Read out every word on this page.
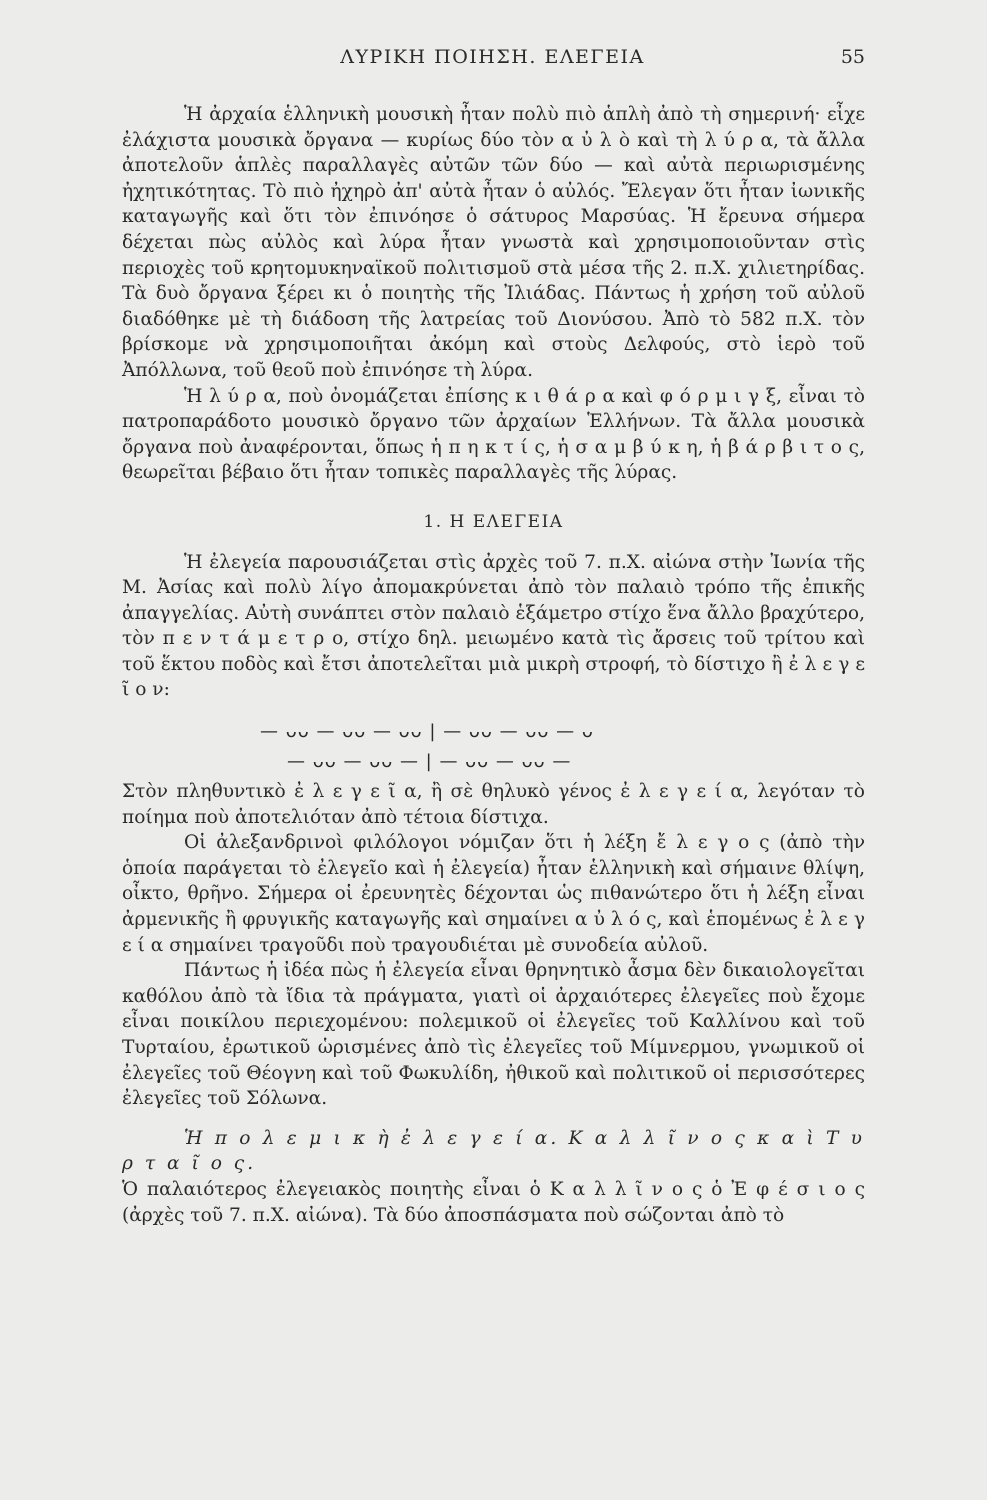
ΛΥΡΙΚΗ ΠΟΙΗΣΗ. ΕΛΕΓΕΙΑ	55

Ἡ ἀρχαία ἑλληνικὴ μουσικὴ ἦταν πολὺ πιὸ ἁπλὴ ἀπὸ τὴ σημερινή· εἶχε ἐλάχιστα μουσικὰ ὄργανα — κυρίως δύο τὸν α ὐ λ ὸ καὶ τὴ λ ύ ρ α, τὰ ἄλλα ἀποτελοῦν ἁπλὲς παραλλαγὲς αὐτῶν τῶν δύο — καὶ αὐτὰ περιωρισμένης ἠχητικότητας. Τὸ πιὸ ἠχηρὸ ἀπ' αὐτὰ ἦταν ὁ αὐλός. Ἔλεγαν ὅτι ἦταν ἰωνικῆς καταγωγῆς καὶ ὅτι τὸν ἐπινόησε ὁ σάτυρος Μαρσύας. Ἡ ἔρευνα σήμερα δέχεται πὼς αὐλὸς καὶ λύρα ἦταν γνωστὰ καὶ χρησιμοποιοῦνταν στὶς περιοχὲς τοῦ κρητομυκηναϊκοῦ πολιτισμοῦ στὰ μέσα τῆς 2. π.Χ. χιλιετηρίδας. Τὰ δυὸ ὄργανα ξέρει κι ὁ ποιητὴς τῆς Ἰλιάδας. Πάντως ἡ χρήση τοῦ αὐλοῦ διαδόθηκε μὲ τὴ διάδοση τῆς λατρείας τοῦ Διονύσου. Ἀπὸ τὸ 582 π.Χ. τὸν βρίσκομε νὰ χρησιμοποιῆται ἀκόμη καὶ στοὺς Δελφούς, στὸ ἱερὸ τοῦ Ἀπόλλωνα, τοῦ θεοῦ ποὺ ἐπινόησε τὴ λύρα.

Ἡ λ ύ ρ α, ποὺ ὀνομάζεται ἐπίσης κ ι θ ά ρ α καὶ φ ό ρ μ ι γ ξ, εἶναι τὸ πατροπαράδοτο μουσικὸ ὄργανο τῶν ἀρχαίων Ἑλλήνων. Τὰ ἄλλα μουσικὰ ὄργανα ποὺ ἀναφέρονται, ὅπως ἡ π η κ τ ί ς, ἡ σ α μ β ύ κ η, ἡ β ά ρ β ι τ ο ς, θεωρεῖται βέβαιο ὅτι ἦταν τοπικὲς παραλλαγὲς τῆς λύρας.

1. Η ΕΛΕΓΕΙΑ

Ἡ ἐλεγεία παρουσιάζεται στὶς ἀρχὲς τοῦ 7. π.Χ. αἰώνα στὴν Ἰωνία τῆς Μ. Ἀσίας καὶ πολὺ λίγο ἀπομακρύνεται ἀπὸ τὸν παλαιὸ τρόπο τῆς ἐπικῆς ἀπαγγελίας. Αὐτὴ συνάπτει στὸν παλαιὸ ἑξάμετρο στίχο ἕνα ἄλλο βραχύτερο, τὸν π ε ν τ ά μ ε τ ρ ο, στίχο δηλ. μειωμένο κατὰ τὶς ἄρσεις τοῦ τρίτου καὶ τοῦ ἕκτου ποδὸς καὶ ἔτσι ἀποτελεῖται μιὰ μικρὴ στροφή, τὸ δίστιχο ἢ ἐ λ ε γ ε ῖ ο ν:

— ᴗᴗ — ᴗᴗ — ᴗᴗ | — ᴗᴗ — ᴗᴗ — ᴗ
— ᴗᴗ — ᴗᴗ — | — ᴗᴗ — ᴗᴗ —

Στὸν πληθυντικὸ ἐ λ ε γ ε ῖ α, ἢ σὲ θηλυκὸ γένος ἐ λ ε γ ε ί α, λεγόταν τὸ ποίημα ποὺ ἀποτελιόταν ἀπὸ τέτοια δίστιχα.

Οἱ ἀλεξανδρινοὶ φιλόλογοι νόμιζαν ὅτι ἡ λέξη ἔ λ ε γ ο ς (ἀπὸ τὴν ὁποία παράγεται τὸ ἐλεγεῖο καὶ ἡ ἐλεγεία) ἦταν ἑλληνικὴ καὶ σήμαινε θλίψη, οἶκτο, θρῆνο. Σήμερα οἱ ἐρευνητὲς δέχονται ὡς πιθανώτερο ὅτι ἡ λέξη εἶναι ἀρμενικῆς ἢ φρυγικῆς καταγωγῆς καὶ σημαίνει α ὐ λ ό ς, καὶ ἑπομένως ἐ λ ε γ ε ί α σημαίνει τραγοῦδι ποὺ τραγουδιέται μὲ συνοδεία αὐλοῦ.

Πάντως ἡ ἰδέα πὼς ἡ ἐλεγεία εἶναι θρηνητικὸ ἆσμα δὲν δικαιολογεῖται καθόλου ἀπὸ τὰ ἴδια τὰ πράγματα, γιατὶ οἱ ἀρχαιότερες ἐλεγεῖες ποὺ ἔχομε εἶναι ποικίλου περιεχομένου: πολεμικοῦ οἱ ἐλεγεῖες τοῦ Καλλίνου καὶ τοῦ Τυρταίου, ἐρωτικοῦ ὡρισμένες ἀπὸ τὶς ἐλεγεῖες τοῦ Μίμνερμου, γνωμικοῦ οἱ ἐλεγεῖες τοῦ Θέογνη καὶ τοῦ Φωκυλίδη, ἠθικοῦ καὶ πολιτικοῦ οἱ περισσότερες ἐλεγεῖες τοῦ Σόλωνα.

Ἡ π ο λ ε μ ι κ ὴ ἐ λ ε γ ε ί α. Κ α λ λ ῖ ν ο ς κ α ὶ Τ υ ρ τ α ῖ ο ς.

Ὁ παλαιότερος ἐλεγειακὸς ποιητὴς εἶναι ὁ Κ α λ λ ῖ ν ο ς ὁ Ἐ φ έ σ ι ο ς (ἀρχὲς τοῦ 7. π.Χ. αἰώνα). Τὰ δύο ἀποσπάσματα ποὺ σώζονται ἀπὸ τὸ
